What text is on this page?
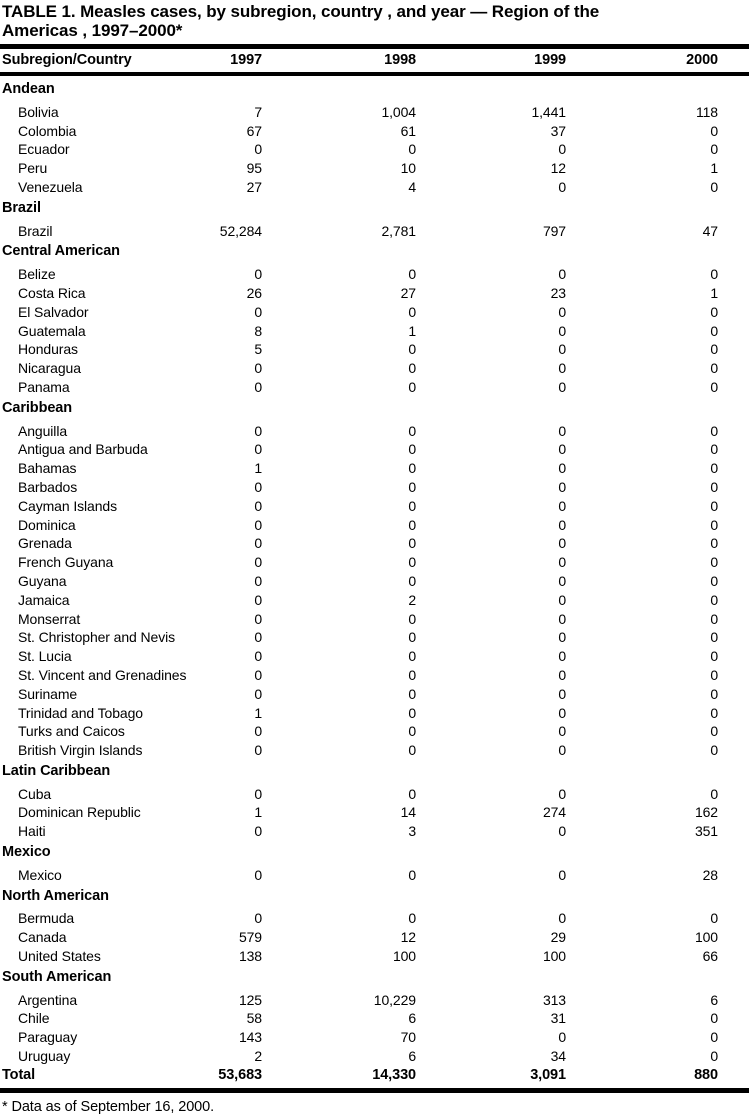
TABLE 1. Measles cases, by subregion, country , and year — Region of the
Americas , 1997–2000*
Subregion/Country	1997	1998	1999	2000
Andean
Bolivia	7	1,004	1,441	118
Colombia	67	61	37	0
Ecuador	0	0	0	0
Peru	95	10	12	1
Venezuela	27	4	0	0
Brazil
Brazil	52,284	2,781	797	47
Central American
Belize	0	0	0	0
Costa Rica	26	27	23	1
El Salvador	0	0	0	0
Guatemala	8	1	0	0
Honduras	5	0	0	0
Nicaragua	0	0	0	0
Panama	0	0	0	0
Caribbean
Anguilla	0	0	0	0
Antigua and Barbuda	0	0	0	0
Bahamas	1	0	0	0
Barbados	0	0	0	0
Cayman Islands	0	0	0	0
Dominica	0	0	0	0
Grenada	0	0	0	0
French Guyana	0	0	0	0
Guyana	0	0	0	0
Jamaica	0	2	0	0
Monserrat	0	0	0	0
St. Christopher and Nevis	0	0	0	0
St. Lucia	0	0	0	0
St. Vincent and Grenadines	0	0	0	0
Suriname	0	0	0	0
Trinidad and Tobago	1	0	0	0
Turks and Caicos	0	0	0	0
British Virgin Islands	0	0	0	0
Latin Caribbean
Cuba	0	0	0	0
Dominican Republic	1	14	274	162
Haiti	0	3	0	351
Mexico
Mexico	0	0	0	28
North American
Bermuda	0	0	0	0
Canada	579	12	29	100
United States	138	100	100	66
South American
Argentina	125	10,229	313	6
Chile	58	6	31	0
Paraguay	143	70	0	0
Uruguay	2	6	34	0
Total	53,683	14,330	3,091	880
* Data as of September 16, 2000.
